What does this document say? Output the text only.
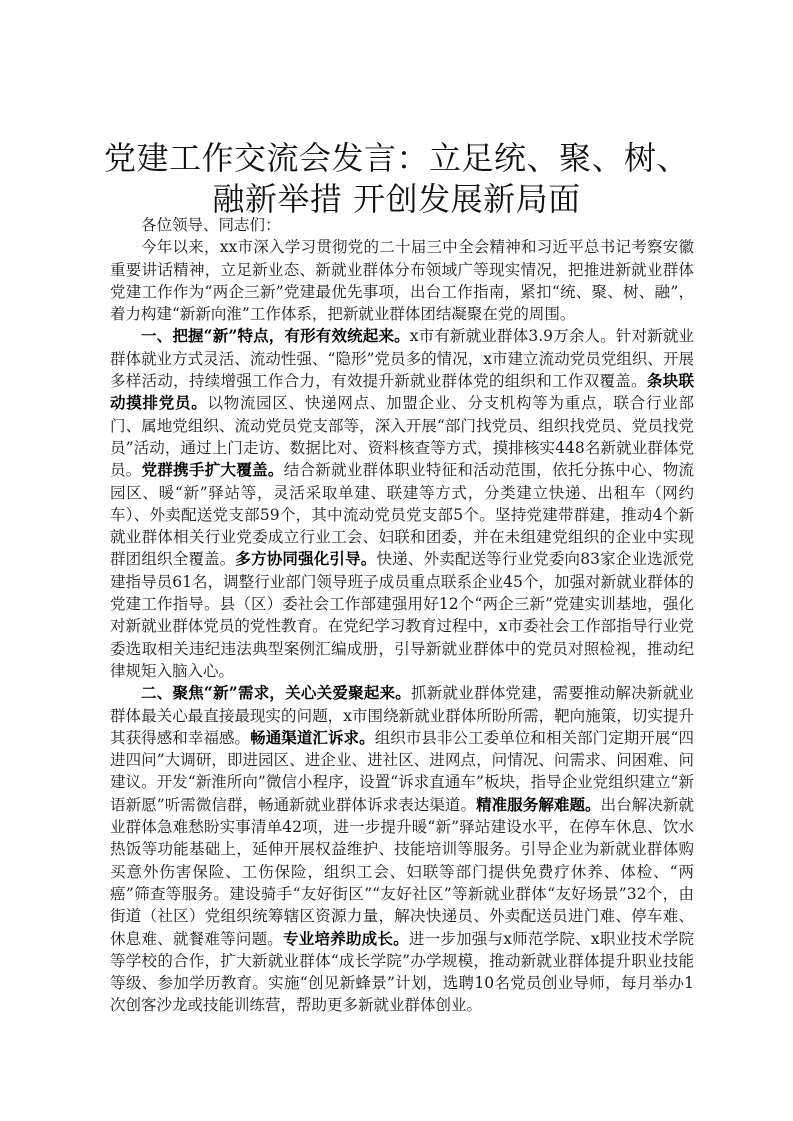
党建工作交流会发言：立足统、聚、树、融新举措 开创发展新局面

各位领导、同志们：

今年以来，xx市深入学习贯彻党的二十届三中全会精神和习近平总书记考察安徽重要讲话精神，立足新业态、新就业群体分布领域广等现实情况，把推进新就业群体党建工作作为“两企三新”党建最优先事项，出台工作指南，紧扣“统、聚、树、融”，着力构建“新新向淮”工作体系，把新就业群体团结凝聚在党的周围。

一、把握“新”特点，有形有效统起来。x市有新就业群体3.9万余人。针对新就业群体就业方式灵活、流动性强、“隐形”党员多的情况，x市建立流动党员党组织、开展多样活动，持续增强工作合力，有效提升新就业群体党的组织和工作双覆盖。条块联动摸排党员。以物流园区、快递网点、加盟企业、分支机构等为重点，联合行业部门、属地党组织、流动党员党支部等，深入开展“部门找党员、组织找党员、党员找党员”活动，通过上门走访、数据比对、资料核查等方式，摸排核实448名新就业群体党员。党群携手扩大覆盖。结合新就业群体职业特征和活动范围，依托分拣中心、物流园区、暖“新”驿站等，灵活采取单建、联建等方式，分类建立快递、出租车（网约车）、外卖配送党支部59个，其中流动党员党支部5个。坚持党建带群建，推动4个新就业群体相关行业党委成立行业工会、妇联和团委，并在未组建党组织的企业中实现群团组织全覆盖。多方协同强化引导。快递、外卖配送等行业党委向83家企业选派党建指导员61名，调整行业部门领导班子成员重点联系企业45个，加强对新就业群体的党建工作指导。县（区）委社会工作部建强用好12个“两企三新”党建实训基地，强化对新就业群体党员的党性教育。在党纪学习教育过程中，x市委社会工作部指导行业党委选取相关违纪违法典型案例汇编成册，引导新就业群体中的党员对照检视，推动纪律规矩入脑入心。

二、聚焦“新”需求，关心关爱聚起来。抓新就业群体党建，需要推动解决新就业群体最关心最直接最现实的问题，x市围绕新就业群体所盼所需，靶向施策，切实提升其获得感和幸福感。畅通渠道汇诉求。组织市县非公工委单位和相关部门定期开展“四进四问”大调研，即进园区、进企业、进社区、进网点，问情况、问需求、问困难、问建议。开发“新淮所向”微信小程序，设置“诉求直通车”板块，指导企业党组织建立“新语新愿”听需微信群，畅通新就业群体诉求表达渠道。精准服务解难题。出台解决新就业群体急难愁盼实事清单42项，进一步提升暖“新”驿站建设水平，在停车休息、饮水热饭等功能基础上，延伸开展权益维护、技能培训等服务。引导企业为新就业群体购买意外伤害保险、工伤保险，组织工会、妇联等部门提供免费疗休养、体检、“两癌”筛查等服务。建设骑手“友好街区”“友好社区”等新就业群体“友好场景”32个，由街道（社区）党组织统筹辖区资源力量，解决快递员、外卖配送员进门难、停车难、休息难、就餐难等问题。专业培养助成长。进一步加强与x师范学院、x职业技术学院等学校的合作，扩大新就业群体“成长学院”办学规模，推动新就业群体提升职业技能等级、参加学历教育。实施“创见新蜂景”计划，选聘10名党员创业导师，每月举办1次创客沙龙或技能训练营，帮助更多新就业群体创业。
